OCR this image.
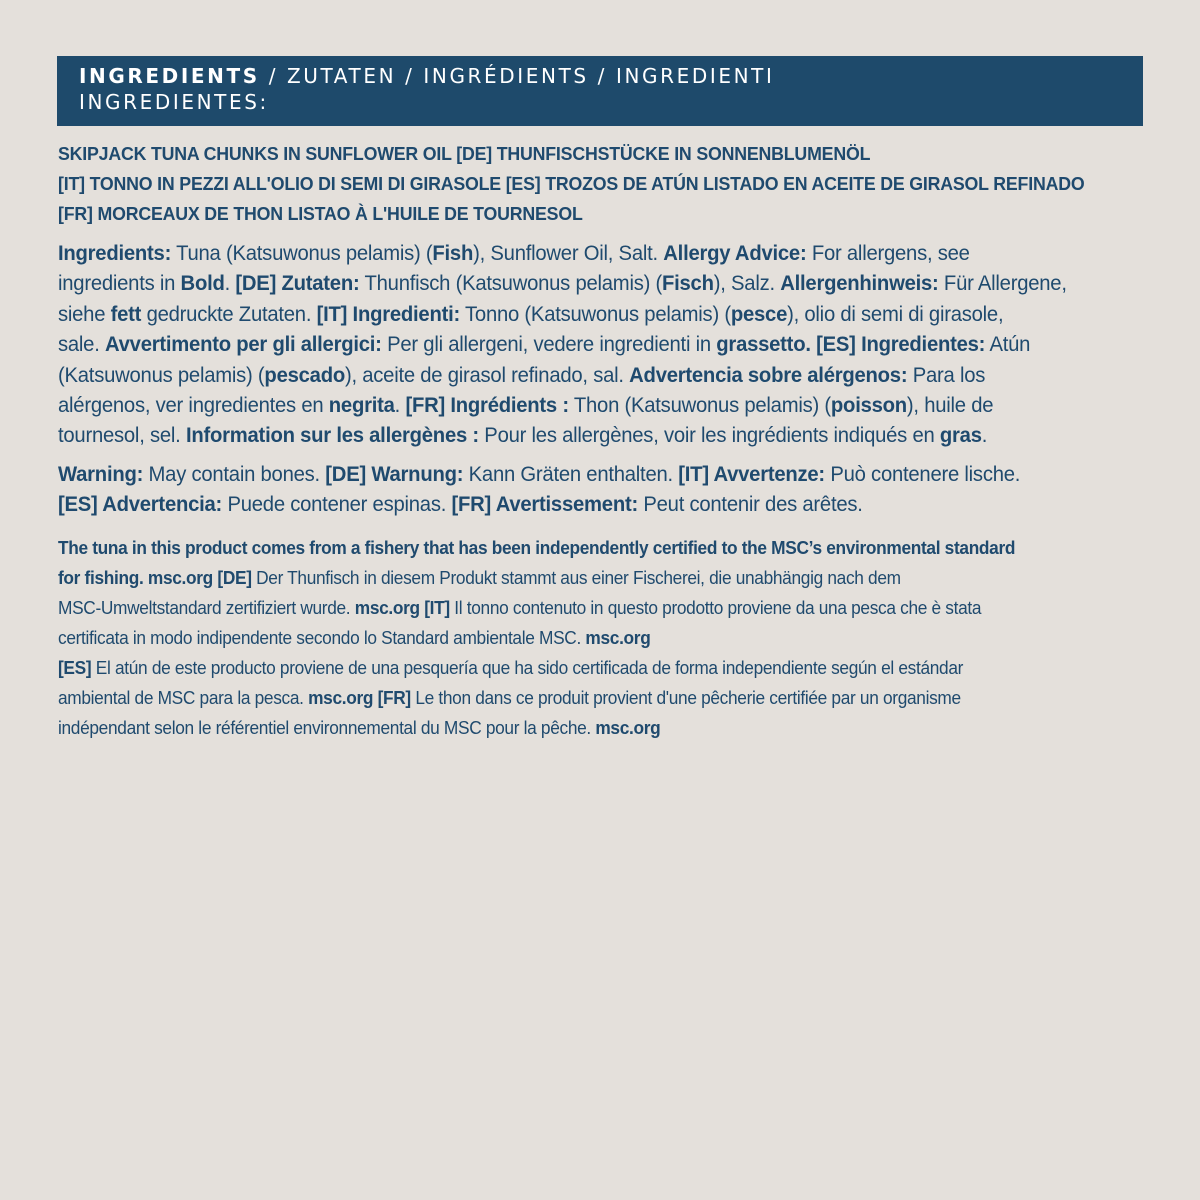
INGREDIENTS / ZUTATEN / INGRÉDIENTS / INGREDIENTI
INGREDIENTES:
SKIPJACK TUNA CHUNKS IN SUNFLOWER OIL [DE] THUNFISCHSTÜCKE IN SONNENBLUMENÖL
[IT] TONNO IN PEZZI ALL'OLIO DI SEMI DI GIRASOLE [ES] TROZOS DE ATÚN LISTADO EN ACEITE DE GIRASOL REFINADO
[FR] MORCEAUX DE THON LISTAO À L'HUILE DE TOURNESOL
Ingredients: Tuna (Katsuwonus pelamis) (Fish), Sunflower Oil, Salt. Allergy Advice: For allergens, see
ingredients in Bold. [DE] Zutaten: Thunfisch (Katsuwonus pelamis) (Fisch), Salz. Allergenhinweis: Für Allergene,
siehe fett gedruckte Zutaten. [IT] Ingredienti: Tonno (Katsuwonus pelamis) (pesce), olio di semi di girasole,
sale. Avvertimento per gli allergici: Per gli allergeni, vedere ingredienti in grassetto. [ES] Ingredientes: Atún
(Katsuwonus pelamis) (pescado), aceite de girasol refinado, sal. Advertencia sobre alérgenos: Para los
alérgenos, ver ingredientes en negrita. [FR] Ingrédients : Thon (Katsuwonus pelamis) (poisson), huile de
tournesol, sel. Information sur les allergènes : Pour les allergènes, voir les ingrédients indiqués en gras.
Warning: May contain bones. [DE] Warnung: Kann Gräten enthalten. [IT] Avvertenze: Può contenere lische.
[ES] Advertencia: Puede contener espinas. [FR] Avertissement: Peut contenir des arêtes.
The tuna in this product comes from a fishery that has been independently certified to the MSC’s environmental standard
for fishing. msc.org [DE] Der Thunfisch in diesem Produkt stammt aus einer Fischerei, die unabhängig nach dem
MSC-Umweltstandard zertifiziert wurde. msc.org [IT] Il tonno contenuto in questo prodotto proviene da una pesca che è stata
certificata in modo indipendente secondo lo Standard ambientale MSC. msc.org
[ES] El atún de este producto proviene de una pesquería que ha sido certificada de forma independiente según el estándar
ambiental de MSC para la pesca. msc.org [FR] Le thon dans ce produit provient d'une pêcherie certifiée par un organisme
indépendant selon le référentiel environnemental du MSC pour la pêche. msc.org
